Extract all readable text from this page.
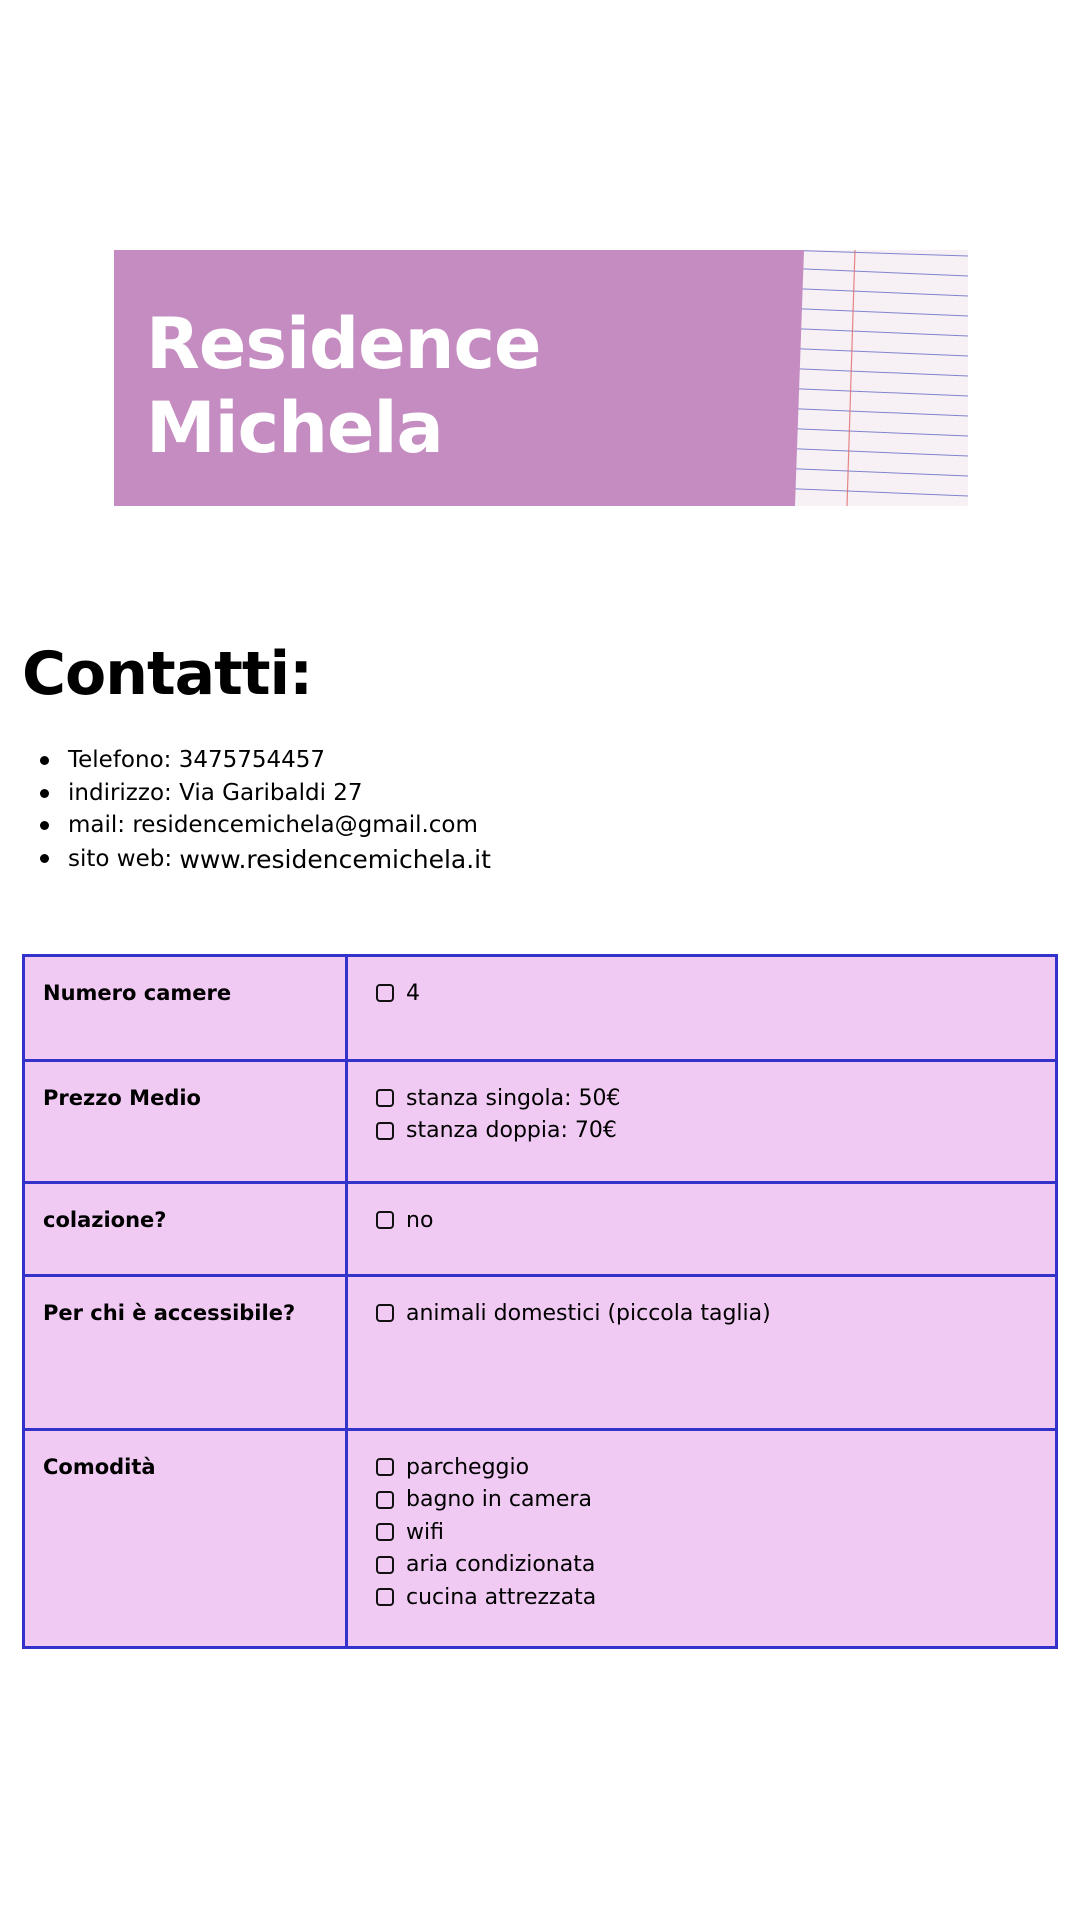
Residence
Michela
Contatti:
Telefono: 3475754457
indirizzo: Via Garibaldi 27
mail: residencemichela@gmail.com
sito web: www.residencemichela.it
Numero camere	4

Prezzo Medio	stanza singola: 50€
stanza doppia: 70€

colazione?	no

Per chi è accessibile?	animali domestici (piccola taglia)

Comodità	parcheggio
bagno in camera
wifi
aria condizionata
cucina attrezzata
